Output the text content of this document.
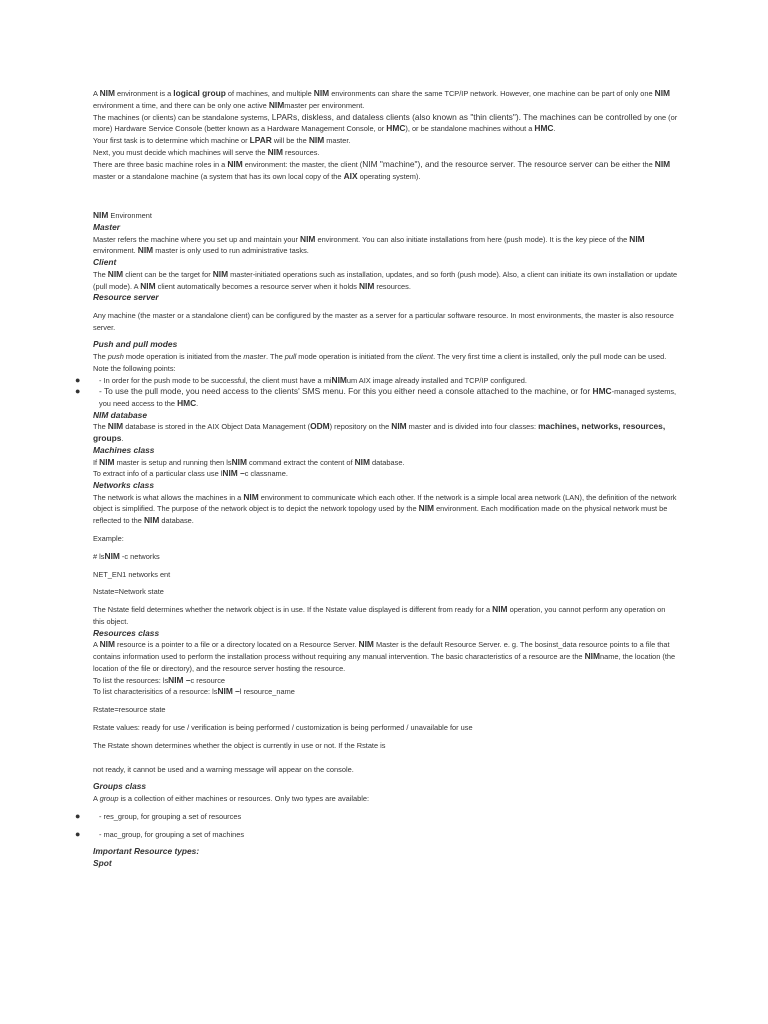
A NIM environment is a logical group of machines, and multiple NIM environments can share the same TCP/IP network. However, one machine can be part of only one NIM environment a time, and there can be only one active NIMmaster per environment.

The machines (or clients) can be standalone systems, LPARs, diskless, and dataless clients (also known as "thin clients"). The machines can be controlled by one (or more) Hardware Service Console (better known as a Hardware Management Console, or HMC), or be standalone machines without a HMC.

Your first task is to determine which machine or LPAR will be the NIM master.

Next, you must decide which machines will serve the NIM resources.

There are three basic machine roles in a NIM environment: the master, the client (NIM "machine"), and the resource server. The resource server can be either the NIM master or a standalone machine (a system that has its own local copy of the AIX operating system).

NIM Environment

Master

Master refers the machine where you set up and maintain your NIM environment. You can also initiate installations from here (push mode). It is the key piece of the NIM environment. NIM master is only used to run administrative tasks.

Client

The NIM client can be the target for NIM master-initiated operations such as installation, updates, and so forth (push mode). Also, a client can initiate its own installation or update (pull mode). A NIM client automatically becomes a resource server when it holds NIM resources.

Resource server

Any machine (the master or a standalone client) can be configured by the master as a server for a particular software resource. In most environments, the master is also resource server.

Push and pull modes

The push mode operation is initiated from the master. The pull mode operation is initiated from the client. The very first time a client is installed, only the pull mode can be used. Note the following points:

●	- In order for the push mode to be successful, the client must have a miNIMum AIX image already installed and TCP/IP configured.

● - To use the pull mode, you need access to the clients' SMS menu. For this you either need a console attached to the machine, or for HMC-managed systems, you need access to the HMC.

NIM database

The NIM database is stored in the AIX Object Data Management (ODM) repository on the NIM master and is divided into four classes: machines, networks, resources, groups.

Machines class

If NIM master is setup and running then lsNIM command extract the content of NIM database.

To extract info of a particular class use lNIM –c classname.

Networks class

The network is what allows the machines in a NIM environment to communicate which each other. If the network is a simple local area network (LAN), the definition of the network object is simplified. The purpose of the network object is to depict the network topology used by the NIM environment. Each modification made on the physical network must be reflected to the NIM database.

Example:

# lsNIM -c networks

NET_EN1 networks ent

Nstate=Network state

The Nstate field determines whether the network object is in use. If the Nstate value displayed is different from ready for a NIM operation, you cannot perform any operation on this object.

Resources class

A NIM resource is a pointer to a file or a directory located on a Resource Server. NIM Master is the default Resource Server. e. g. The bosinst_data resource points to a file that contains information used to perform the installation process without requiring any manual intervention. The basic characteristics of a resource are the NIMname, the location (the location of the file or directory), and the resource server hosting the resource.

To list the resources: lsNIM –c resource

To list characterisitics of a resource: lsNIM –l resource_name

Rstate=resource state

Rstate values: ready for use / verification is being performed / customization is being performed / unavailable for use

The Rstate shown determines whether the object is currently in use or not. If the Rstate is

not ready, it cannot be used and a warning message will appear on the console.

Groups class

A group is a collection of either machines or resources. Only two types are available:

●	- res_group, for grouping a set of resources

●	- mac_group, for grouping a set of machines

Important Resource types:

Spot
